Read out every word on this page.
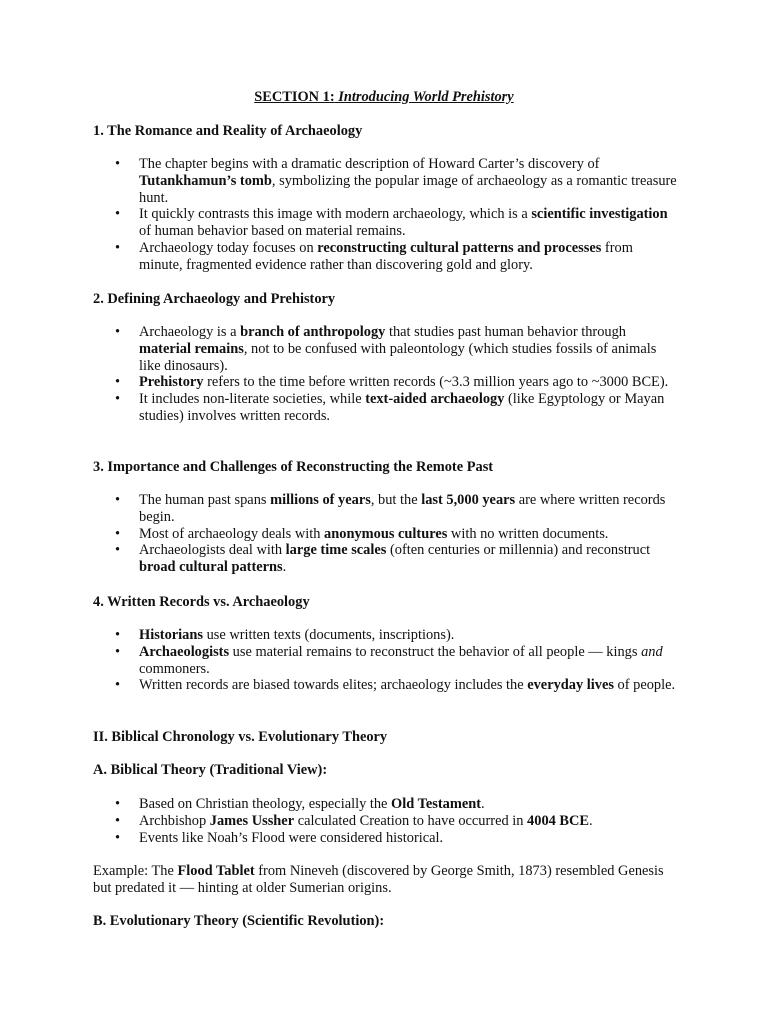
SECTION 1: Introducing World Prehistory
1. The Romance and Reality of Archaeology
• The chapter begins with a dramatic description of Howard Carter’s discovery of Tutankhamun’s tomb, symbolizing the popular image of archaeology as a romantic treasure hunt.
• It quickly contrasts this image with modern archaeology, which is a scientific investigation of human behavior based on material remains.
• Archaeology today focuses on reconstructing cultural patterns and processes from minute, fragmented evidence rather than discovering gold and glory.
2. Defining Archaeology and Prehistory
• Archaeology is a branch of anthropology that studies past human behavior through material remains, not to be confused with paleontology (which studies fossils of animals like dinosaurs).
• Prehistory refers to the time before written records (~3.3 million years ago to ~3000 BCE).
• It includes non-literate societies, while text-aided archaeology (like Egyptology or Mayan studies) involves written records.
3. Importance and Challenges of Reconstructing the Remote Past
• The human past spans millions of years, but the last 5,000 years are where written records begin.
• Most of archaeology deals with anonymous cultures with no written documents.
• Archaeologists deal with large time scales (often centuries or millennia) and reconstruct broad cultural patterns.
4. Written Records vs. Archaeology
• Historians use written texts (documents, inscriptions).
• Archaeologists use material remains to reconstruct the behavior of all people — kings and commoners.
• Written records are biased towards elites; archaeology includes the everyday lives of people.
II. Biblical Chronology vs. Evolutionary Theory
A. Biblical Theory (Traditional View):
• Based on Christian theology, especially the Old Testament.
• Archbishop James Ussher calculated Creation to have occurred in 4004 BCE.
• Events like Noah’s Flood were considered historical.
Example: The Flood Tablet from Nineveh (discovered by George Smith, 1873) resembled Genesis but predated it — hinting at older Sumerian origins.
B. Evolutionary Theory (Scientific Revolution):
